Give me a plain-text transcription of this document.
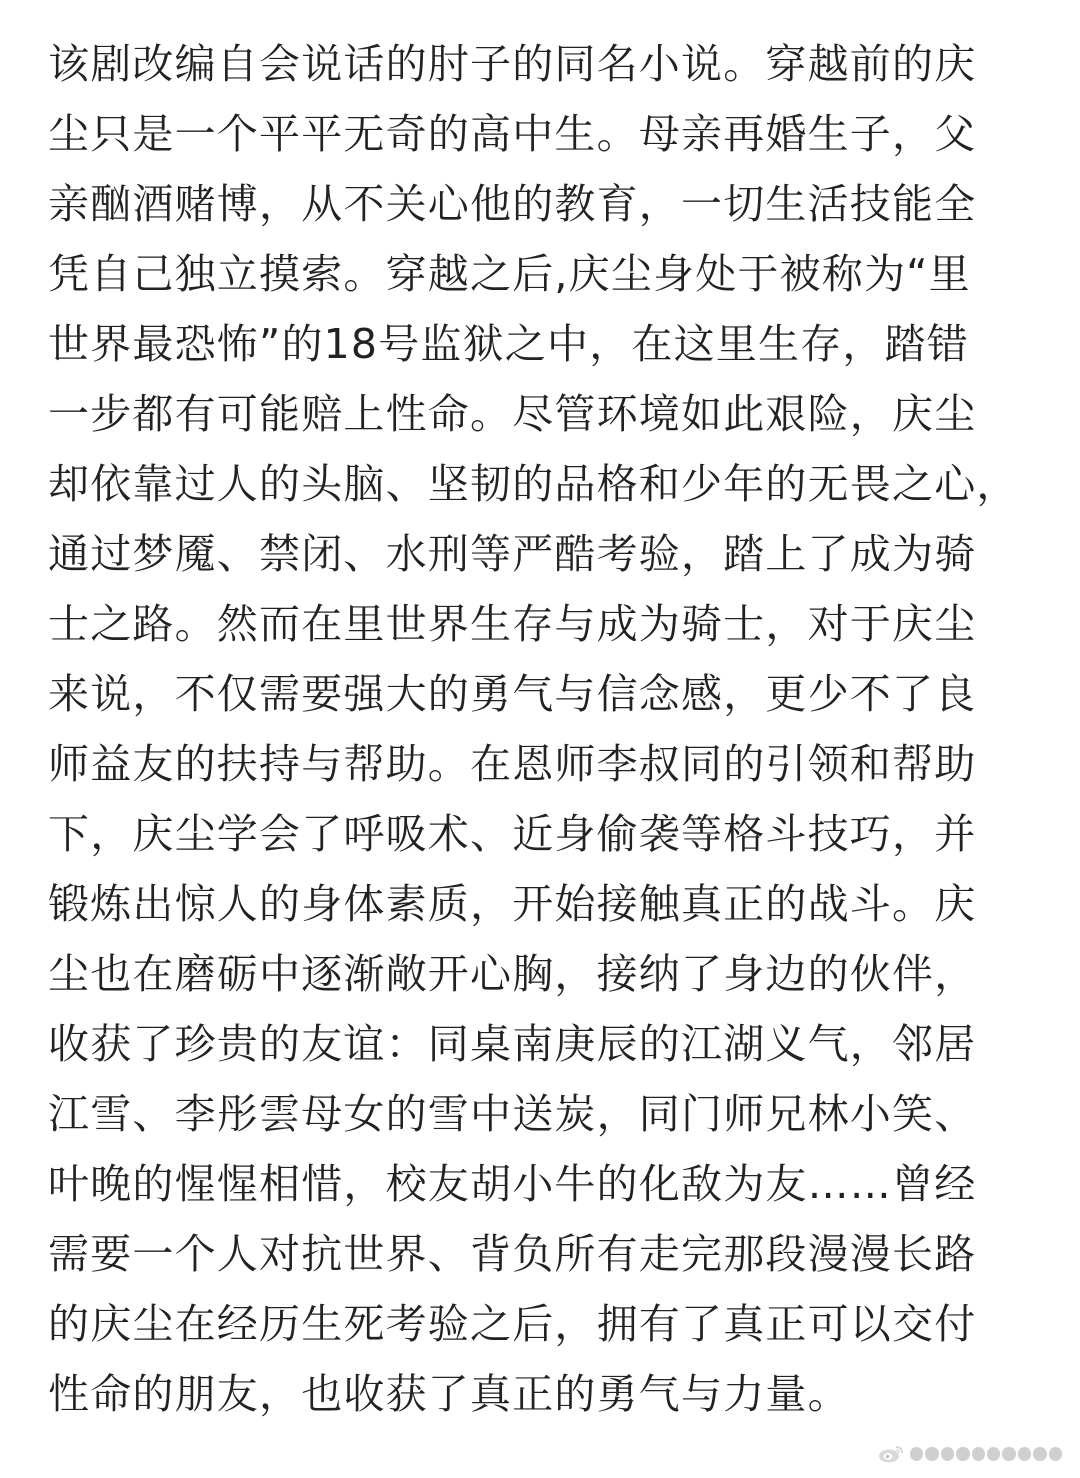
该剧改编自会说话的肘子的同名小说。穿越前的庆
尘只是一个平平无奇的高中生。母亲再婚生子，父
亲酗酒赌博，从不关心他的教育，一切生活技能全
凭自己独立摸索。穿越之后,庆尘身处于被称为“里
世界最恐怖”的18号监狱之中，在这里生存，踏错
一步都有可能赔上性命。尽管环境如此艰险，庆尘
却依靠过人的头脑、坚韧的品格和少年的无畏之心，
通过梦魇、禁闭、水刑等严酷考验，踏上了成为骑
士之路。然而在里世界生存与成为骑士，对于庆尘
来说，不仅需要强大的勇气与信念感，更少不了良
师益友的扶持与帮助。在恩师李叔同的引领和帮助
下，庆尘学会了呼吸术、近身偷袭等格斗技巧，并
锻炼出惊人的身体素质，开始接触真正的战斗。庆
尘也在磨砺中逐渐敞开心胸，接纳了身边的伙伴，
收获了珍贵的友谊：同桌南庚辰的江湖义气，邻居
江雪、李彤雲母女的雪中送炭，同门师兄林小笑、
叶晚的惺惺相惜，校友胡小牛的化敌为友……曾经
需要一个人对抗世界、背负所有走完那段漫漫长路
的庆尘在经历生死考验之后，拥有了真正可以交付
性命的朋友，也收获了真正的勇气与力量。
